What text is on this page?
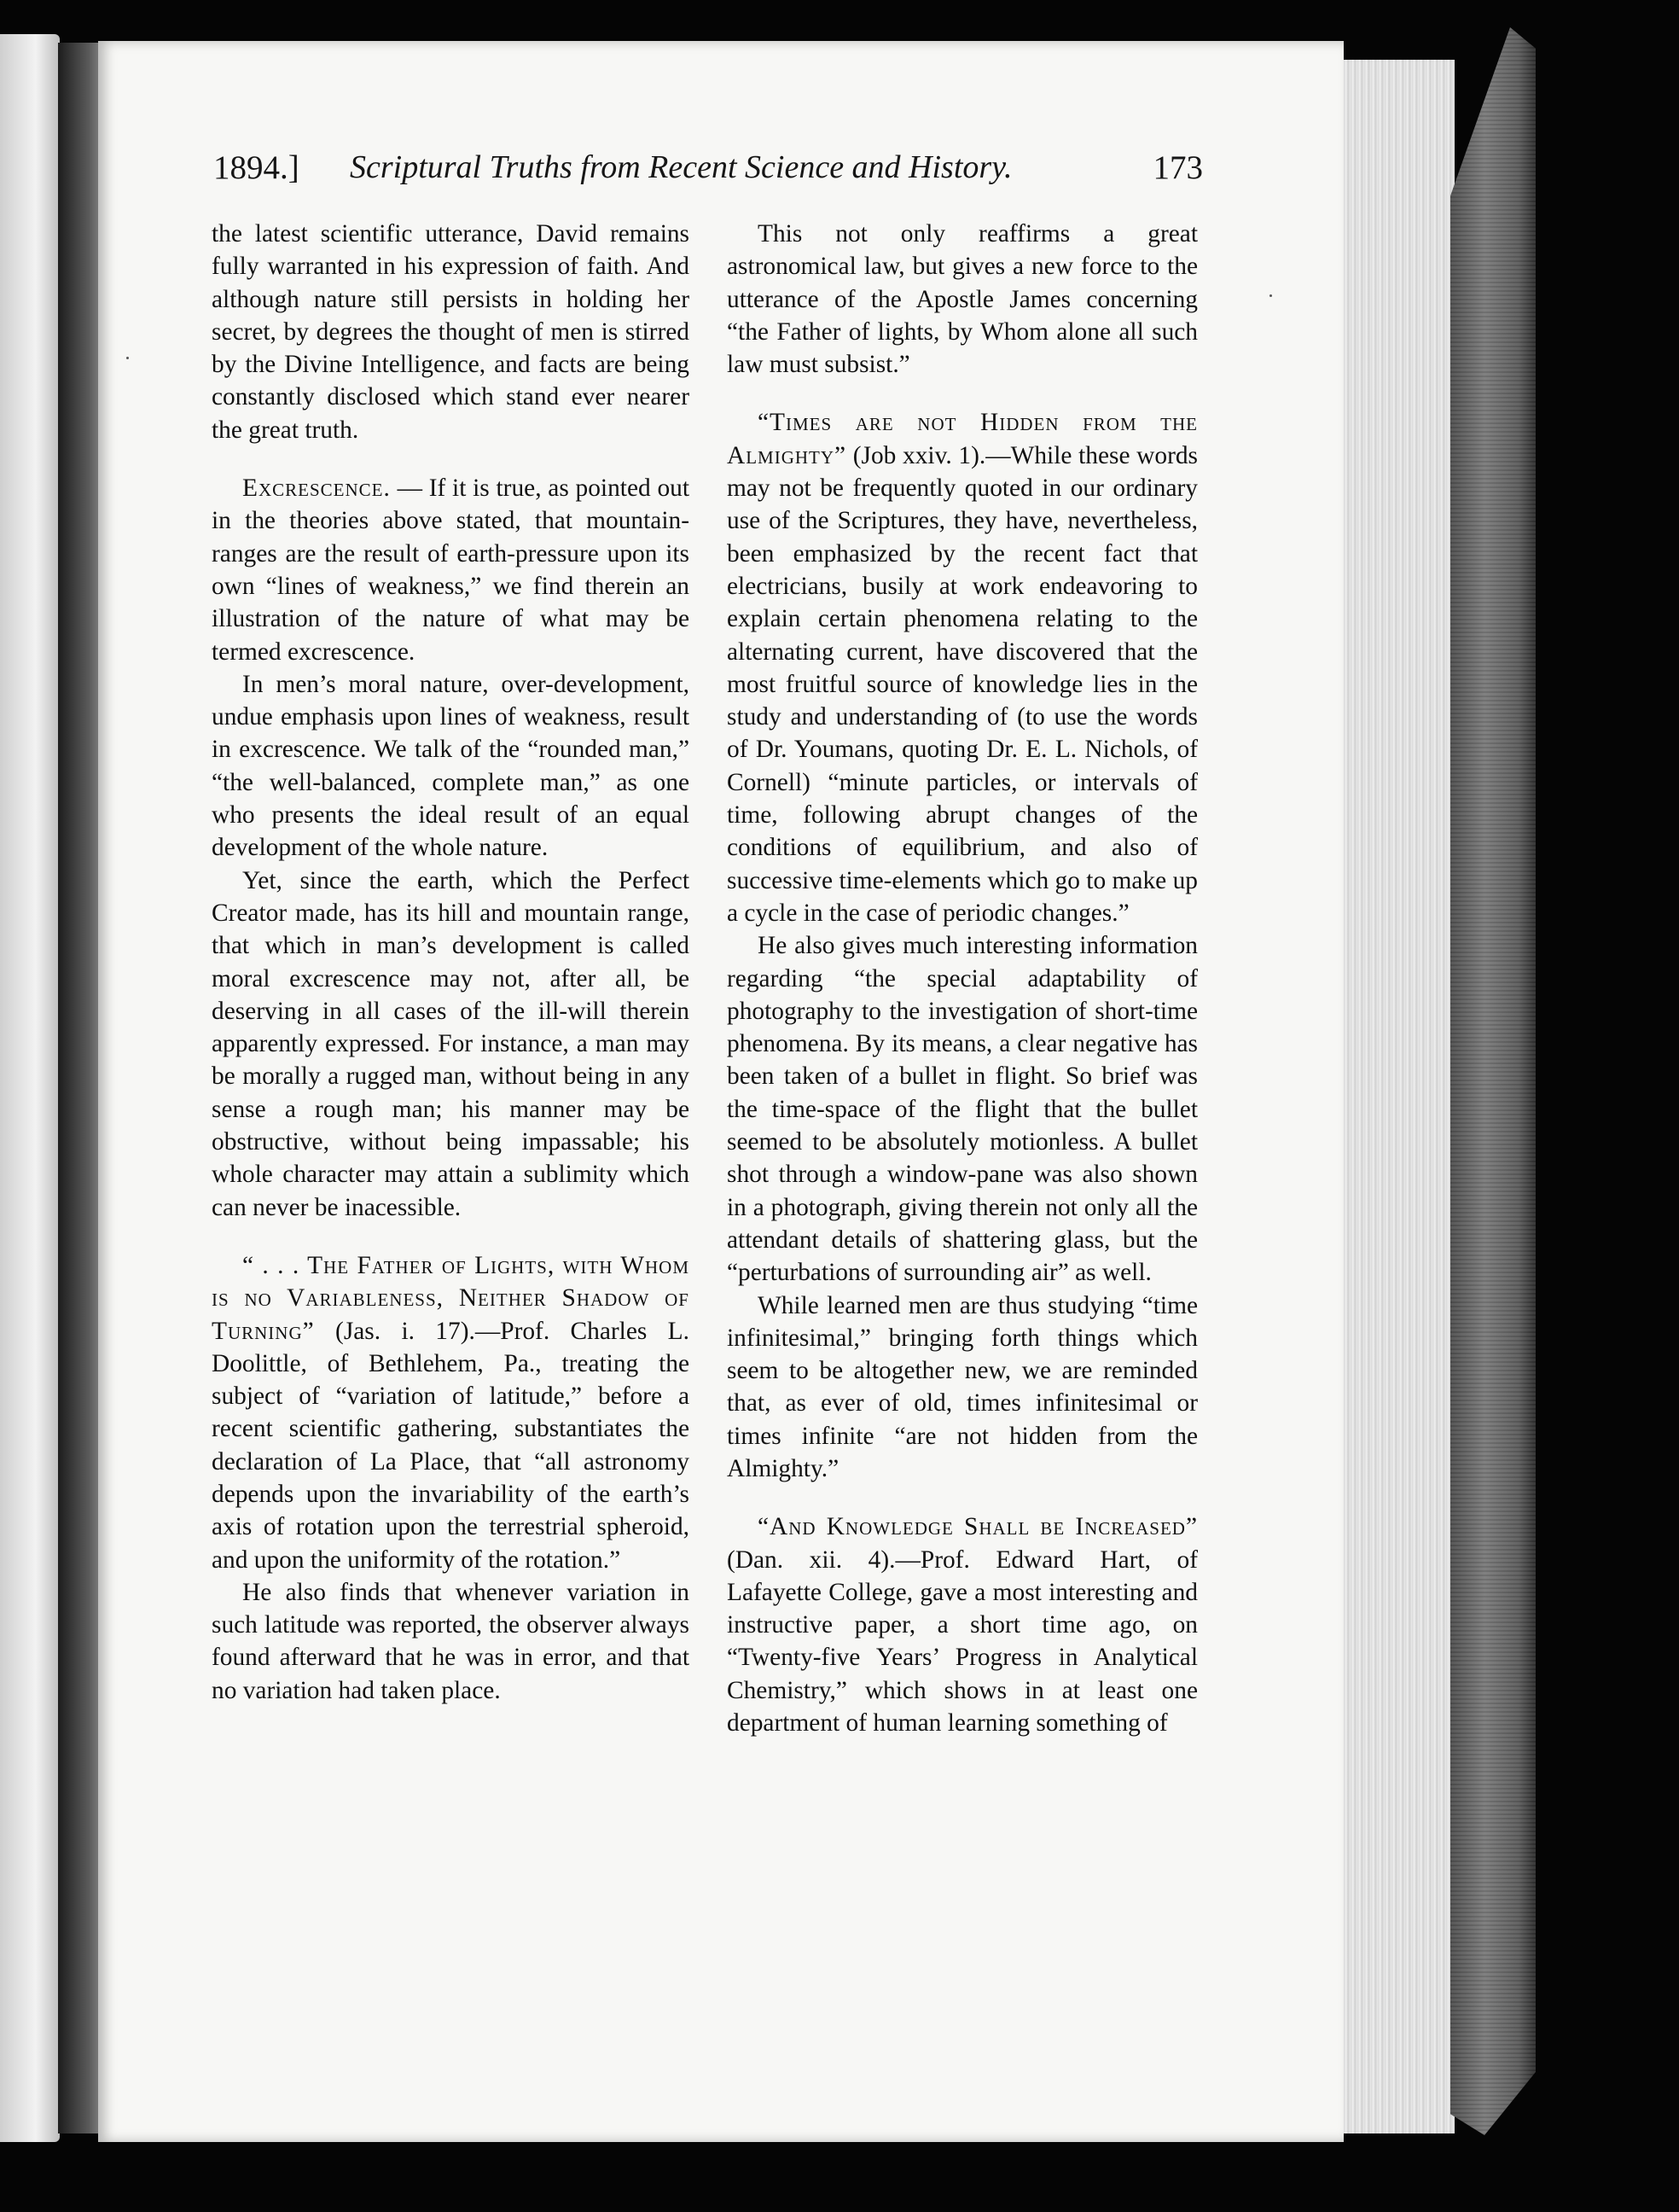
1894.] Scriptural Truths from Recent Science and History.	173

the latest scientific utterance, David remains fully warranted in his expression of faith. And although nature still persists in holding her secret, by degrees the thought of men is stirred by the Divine Intelligence, and facts are being constantly disclosed which stand ever nearer the great truth.

Excrescence. — If it is true, as pointed out in the theories above stated, that mountain-ranges are the result of earth-pressure upon its own “lines of weakness,” we find therein an illustration of the nature of what may be termed excrescence.

In men’s moral nature, over-development, undue emphasis upon lines of weakness, result in excrescence. We talk of the “rounded man,” “the well-balanced, complete man,” as one who presents the ideal result of an equal development of the whole nature.

Yet, since the earth, which the Perfect Creator made, has its hill and mountain range, that which in man’s development is called moral excrescence may not, after all, be deserving in all cases of the ill-will therein apparently expressed. For instance, a man may be morally a rugged man, without being in any sense a rough man; his manner may be obstructive, without being impassable; his whole character may attain a sublimity which can never be inacessible.

“ . . . The Father of Lights, with Whom is no Variableness, Neither Shadow of Turning” (Jas. i. 17).—Prof. Charles L. Doolittle, of Bethlehem, Pa., treating the subject of “variation of latitude,” before a recent scientific gathering, substantiates the declaration of La Place, that “all astronomy depends upon the invariability of the earth’s axis of rotation upon the terrestrial spheroid, and upon the uniformity of the rotation.”

He also finds that whenever variation in such latitude was reported, the observer always found afterward that he was in error, and that no variation had taken place.

This not only reaffirms a great astronomical law, but gives a new force to the utterance of the Apostle James concerning “the Father of lights, by Whom alone all such law must subsist.”

“Times are not Hidden from the Almighty” (Job xxiv. 1).—While these words may not be frequently quoted in our ordinary use of the Scriptures, they have, nevertheless, been emphasized by the recent fact that electricians, busily at work endeavoring to explain certain phenomena relating to the alternating current, have discovered that the most fruitful source of knowledge lies in the study and understanding of (to use the words of Dr. Youmans, quoting Dr. E. L. Nichols, of Cornell) “minute particles, or intervals of time, following abrupt changes of the conditions of equilibrium, and also of successive time-elements which go to make up a cycle in the case of periodic changes.”

He also gives much interesting information regarding “the special adaptability of photography to the investigation of short-time phenomena. By its means, a clear negative has been taken of a bullet in flight. So brief was the time-space of the flight that the bullet seemed to be absolutely motionless. A bullet shot through a window-pane was also shown in a photograph, giving therein not only all the attendant details of shattering glass, but the “perturbations of surrounding air” as well.

While learned men are thus studying “time infinitesimal,” bringing forth things which seem to be altogether new, we are reminded that, as ever of old, times infinitesimal or times infinite “are not hidden from the Almighty.”

“And Knowledge Shall be Increased” (Dan. xii. 4).—Prof. Edward Hart, of Lafayette College, gave a most interesting and instructive paper, a short time ago, on “Twenty-five Years’ Progress in Analytical Chemistry,” which shows in at least one department of human learning something of
